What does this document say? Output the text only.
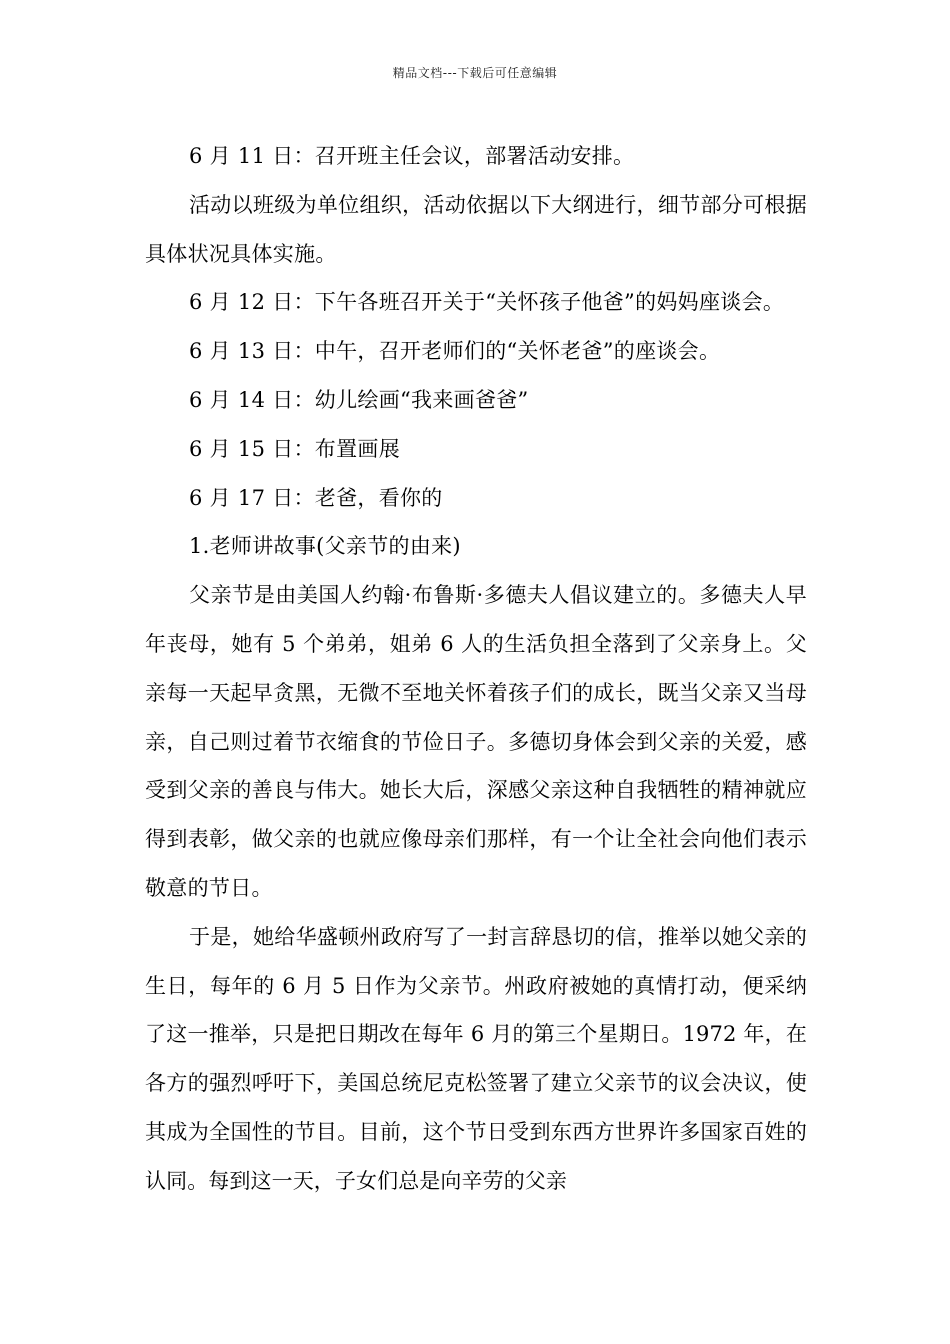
精品文档---下载后可任意编辑

6 月 11 日：召开班主任会议，部署活动安排。

活动以班级为单位组织，活动依据以下大纲进行，细节部分可根据具体状况具体实施。

6 月 12 日：下午各班召开关于“关怀孩子他爸”的妈妈座谈会。

6 月 13 日：中午，召开老师们的“关怀老爸”的座谈会。

6 月 14 日：幼儿绘画“我来画爸爸”

6 月 15 日：布置画展

6 月 17 日：老爸，看你的

1.老师讲故事(父亲节的由来)

父亲节是由美国人约翰·布鲁斯·多德夫人倡议建立的。多德夫人早年丧母，她有 5 个弟弟，姐弟 6 人的生活负担全落到了父亲身上。父亲每一天起早贪黑，无微不至地关怀着孩子们的成长，既当父亲又当母亲，自己则过着节衣缩食的节俭日子。多德切身体会到父亲的关爱，感受到父亲的善良与伟大。她长大后，深感父亲这种自我牺牲的精神就应得到表彰，做父亲的也就应像母亲们那样，有一个让全社会向他们表示敬意的节日。

于是，她给华盛顿州政府写了一封言辞恳切的信，推举以她父亲的生日，每年的 6 月 5 日作为父亲节。州政府被她的真情打动，便采纳了这一推举，只是把日期改在每年 6 月的第三个星期日。1972 年，在各方的强烈呼吁下，美国总统尼克松签署了建立父亲节的议会决议，使其成为全国性的节目。目前，这个节日受到东西方世界许多国家百姓的认同。每到这一天，子女们总是向辛劳的父亲
